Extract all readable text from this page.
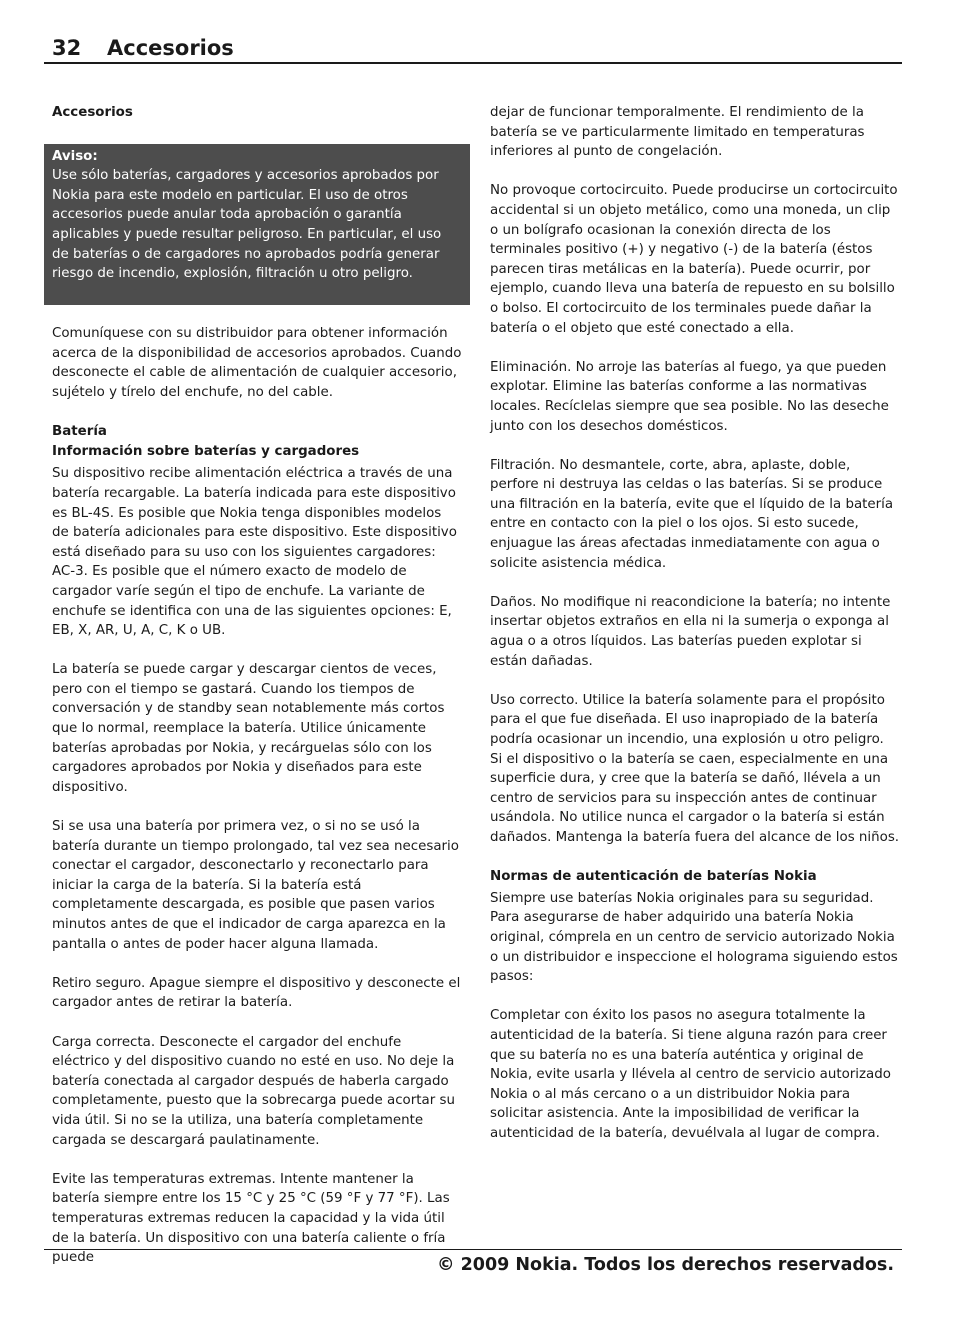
32 Accesorios

Accesorios

Aviso:

Use sólo baterías, cargadores y accesorios aprobados por Nokia para este modelo en particular. El uso de otros accesorios puede anular toda aprobación o garantía aplicables y puede resultar peligroso. En particular, el uso de baterías o de cargadores no aprobados podría generar riesgo de incendio, explosión, filtración u otro peligro.

Comuníquese con su distribuidor para obtener información acerca de la disponibilidad de accesorios aprobados. Cuando desconecte el cable de alimentación de cualquier accesorio, sujételo y tírelo del enchufe, no del cable.

Batería

Información sobre baterías y cargadores

Su dispositivo recibe alimentación eléctrica a través de una batería recargable. La batería indicada para este dispositivo es BL-4S. Es posible que Nokia tenga disponibles modelos de batería adicionales para este dispositivo. Este dispositivo está diseñado para su uso con los siguientes cargadores: AC-3. Es posible que el número exacto de modelo de cargador varíe según el tipo de enchufe. La variante de enchufe se identifica con una de las siguientes opciones: E, EB, X, AR, U, A, C, K o UB.

La batería se puede cargar y descargar cientos de veces, pero con el tiempo se gastará. Cuando los tiempos de conversación y de standby sean notablemente más cortos que lo normal, reemplace la batería. Utilice únicamente baterías aprobadas por Nokia, y recárguelas sólo con los cargadores aprobados por Nokia y diseñados para este dispositivo.

Si se usa una batería por primera vez, o si no se usó la batería durante un tiempo prolongado, tal vez sea necesario conectar el cargador, desconectarlo y reconectarlo para iniciar la carga de la batería. Si la batería está completamente descargada, es posible que pasen varios minutos antes de que el indicador de carga aparezca en la pantalla o antes de poder hacer alguna llamada.

Retiro seguro. Apague siempre el dispositivo y desconecte el cargador antes de retirar la batería.

Carga correcta. Desconecte el cargador del enchufe eléctrico y del dispositivo cuando no esté en uso. No deje la batería conectada al cargador después de haberla cargado completamente, puesto que la sobrecarga puede acortar su vida útil. Si no se la utiliza, una batería completamente cargada se descargará paulatinamente.

Evite las temperaturas extremas. Intente mantener la batería siempre entre los 15 °C y 25 °C (59 °F y 77 °F). Las temperaturas extremas reducen la capacidad y la vida útil de la batería. Un dispositivo con una batería caliente o fría puede

dejar de funcionar temporalmente. El rendimiento de la batería se ve particularmente limitado en temperaturas inferiores al punto de congelación.

No provoque cortocircuito. Puede producirse un cortocircuito accidental si un objeto metálico, como una moneda, un clip o un bolígrafo ocasionan la conexión directa de los terminales positivo (+) y negativo (-) de la batería (éstos parecen tiras metálicas en la batería). Puede ocurrir, por ejemplo, cuando lleva una batería de repuesto en su bolsillo o bolso. El cortocircuito de los terminales puede dañar la batería o el objeto que esté conectado a ella.

Eliminación. No arroje las baterías al fuego, ya que pueden explotar. Elimine las baterías conforme a las normativas locales. Recíclelas siempre que sea posible. No las deseche junto con los desechos domésticos.

Filtración. No desmantele, corte, abra, aplaste, doble, perfore ni destruya las celdas o las baterías. Si se produce una filtración en la batería, evite que el líquido de la batería entre en contacto con la piel o los ojos. Si esto sucede, enjuague las áreas afectadas inmediatamente con agua o solicite asistencia médica.

Daños. No modifique ni reacondicione la batería; no intente insertar objetos extraños en ella ni la sumerja o exponga al agua o a otros líquidos. Las baterías pueden explotar si están dañadas.

Uso correcto. Utilice la batería solamente para el propósito para el que fue diseñada. El uso inapropiado de la batería podría ocasionar un incendio, una explosión u otro peligro. Si el dispositivo o la batería se caen, especialmente en una superficie dura, y cree que la batería se dañó, llévela a un centro de servicios para su inspección antes de continuar usándola. No utilice nunca el cargador o la batería si están dañados. Mantenga la batería fuera del alcance de los niños.

Normas de autenticación de baterías Nokia

Siempre use baterías Nokia originales para su seguridad. Para asegurarse de haber adquirido una batería Nokia original, cómprela en un centro de servicio autorizado Nokia o un distribuidor e inspeccione el holograma siguiendo estos pasos:

Completar con éxito los pasos no asegura totalmente la autenticidad de la batería. Si tiene alguna razón para creer que su batería no es una batería auténtica y original de Nokia, evite usarla y llévela al centro de servicio autorizado Nokia o al más cercano o a un distribuidor Nokia para solicitar asistencia. Ante la imposibilidad de verificar la autenticidad de la batería, devuélvala al lugar de compra.

© 2009 Nokia. Todos los derechos reservados.
